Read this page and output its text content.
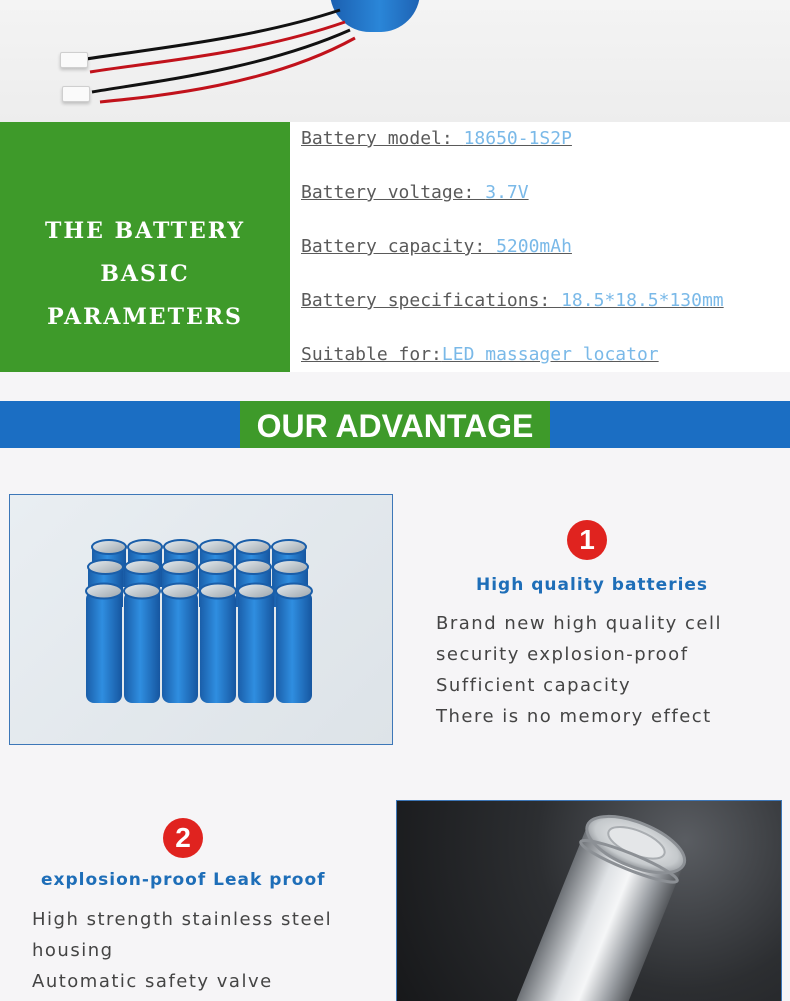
THE BATTERY
BASIC PARAMETERS
Battery model: 18650-1S2P
Battery voltage: 3.7V
Battery capacity: 5200mAh
Battery specifications: 18.5*18.5*130mm
Suitable for:LED massager locator
OUR ADVANTAGE
1
High quality batteries
Brand new high quality cell
security explosion-proof
Sufficient capacity
There is no memory effect
2
explosion-proof Leak proof
High strength stainless steel
housing
Automatic safety valve
